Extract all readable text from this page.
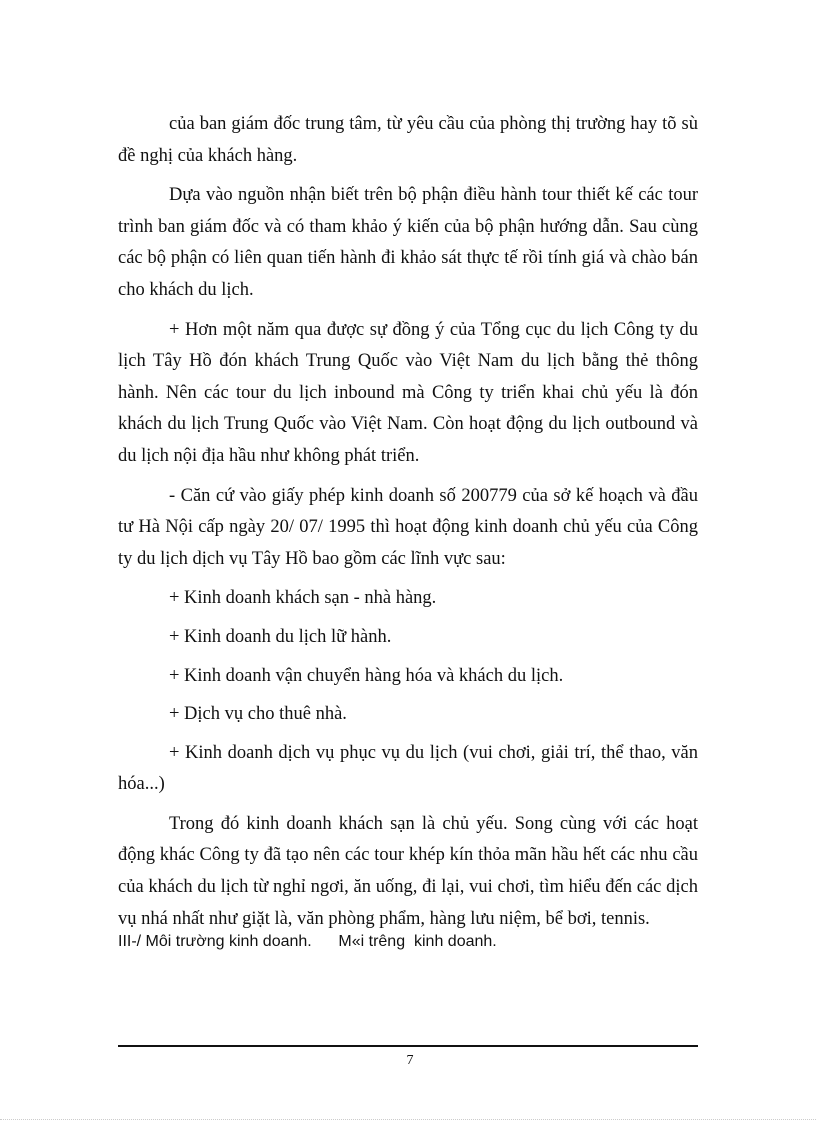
của ban giám đốc trung tâm, từ yêu cầu của phòng thị trường hay tõ sù đề nghị của khách hàng.

Dựa vào nguồn nhận biết trên bộ phận điều hành tour thiết kế các tour trình ban giám đốc và có tham khảo ý kiến của bộ phận hướng dẫn. Sau cùng các bộ phận có liên quan tiến hành đi khảo sát thực tế rồi tính giá và chào bán cho khách du lịch.

+ Hơn một năm qua được sự đồng ý của Tổng cục du lịch Công ty du lịch Tây Hồ đón khách Trung Quốc vào Việt Nam du lịch bằng thẻ thông hành. Nên các tour du lịch inbound mà Công ty triển khai chủ yếu là đón khách du lịch Trung Quốc vào Việt Nam. Còn hoạt động du lịch outbound và du lịch nội địa hầu như không phát triển.

- Căn cứ vào giấy phép kinh doanh số 200779 của sở kế hoạch và đầu tư Hà Nội cấp ngày 20/ 07/ 1995 thì hoạt động kinh doanh chủ yếu của Công ty du lịch dịch vụ Tây Hồ bao gồm các lĩnh vực sau:

+ Kinh doanh khách sạn - nhà hàng.

+ Kinh doanh du lịch lữ hành.

+ Kinh doanh vận chuyển hàng hóa và khách du lịch.

+ Dịch vụ cho thuê nhà.

+ Kinh doanh dịch vụ phục vụ du lịch (vui chơi, giải trí, thể thao, văn hóa...)

Trong đó kinh doanh khách sạn là chủ yếu. Song cùng với các hoạt động khác Công ty đã tạo nên các tour khép kín thỏa mãn hầu hết các nhu cầu của khách du lịch từ nghỉ ngơi, ăn uống, đi lại, vui chơi, tìm hiểu đến các dịch vụ nhá nhất như giặt là, văn phòng phẩm, hàng lưu niệm, bể bơi, tennis.

III-/ Môi trường kinh doanh.      M«i trêng  kinh doanh.
7
